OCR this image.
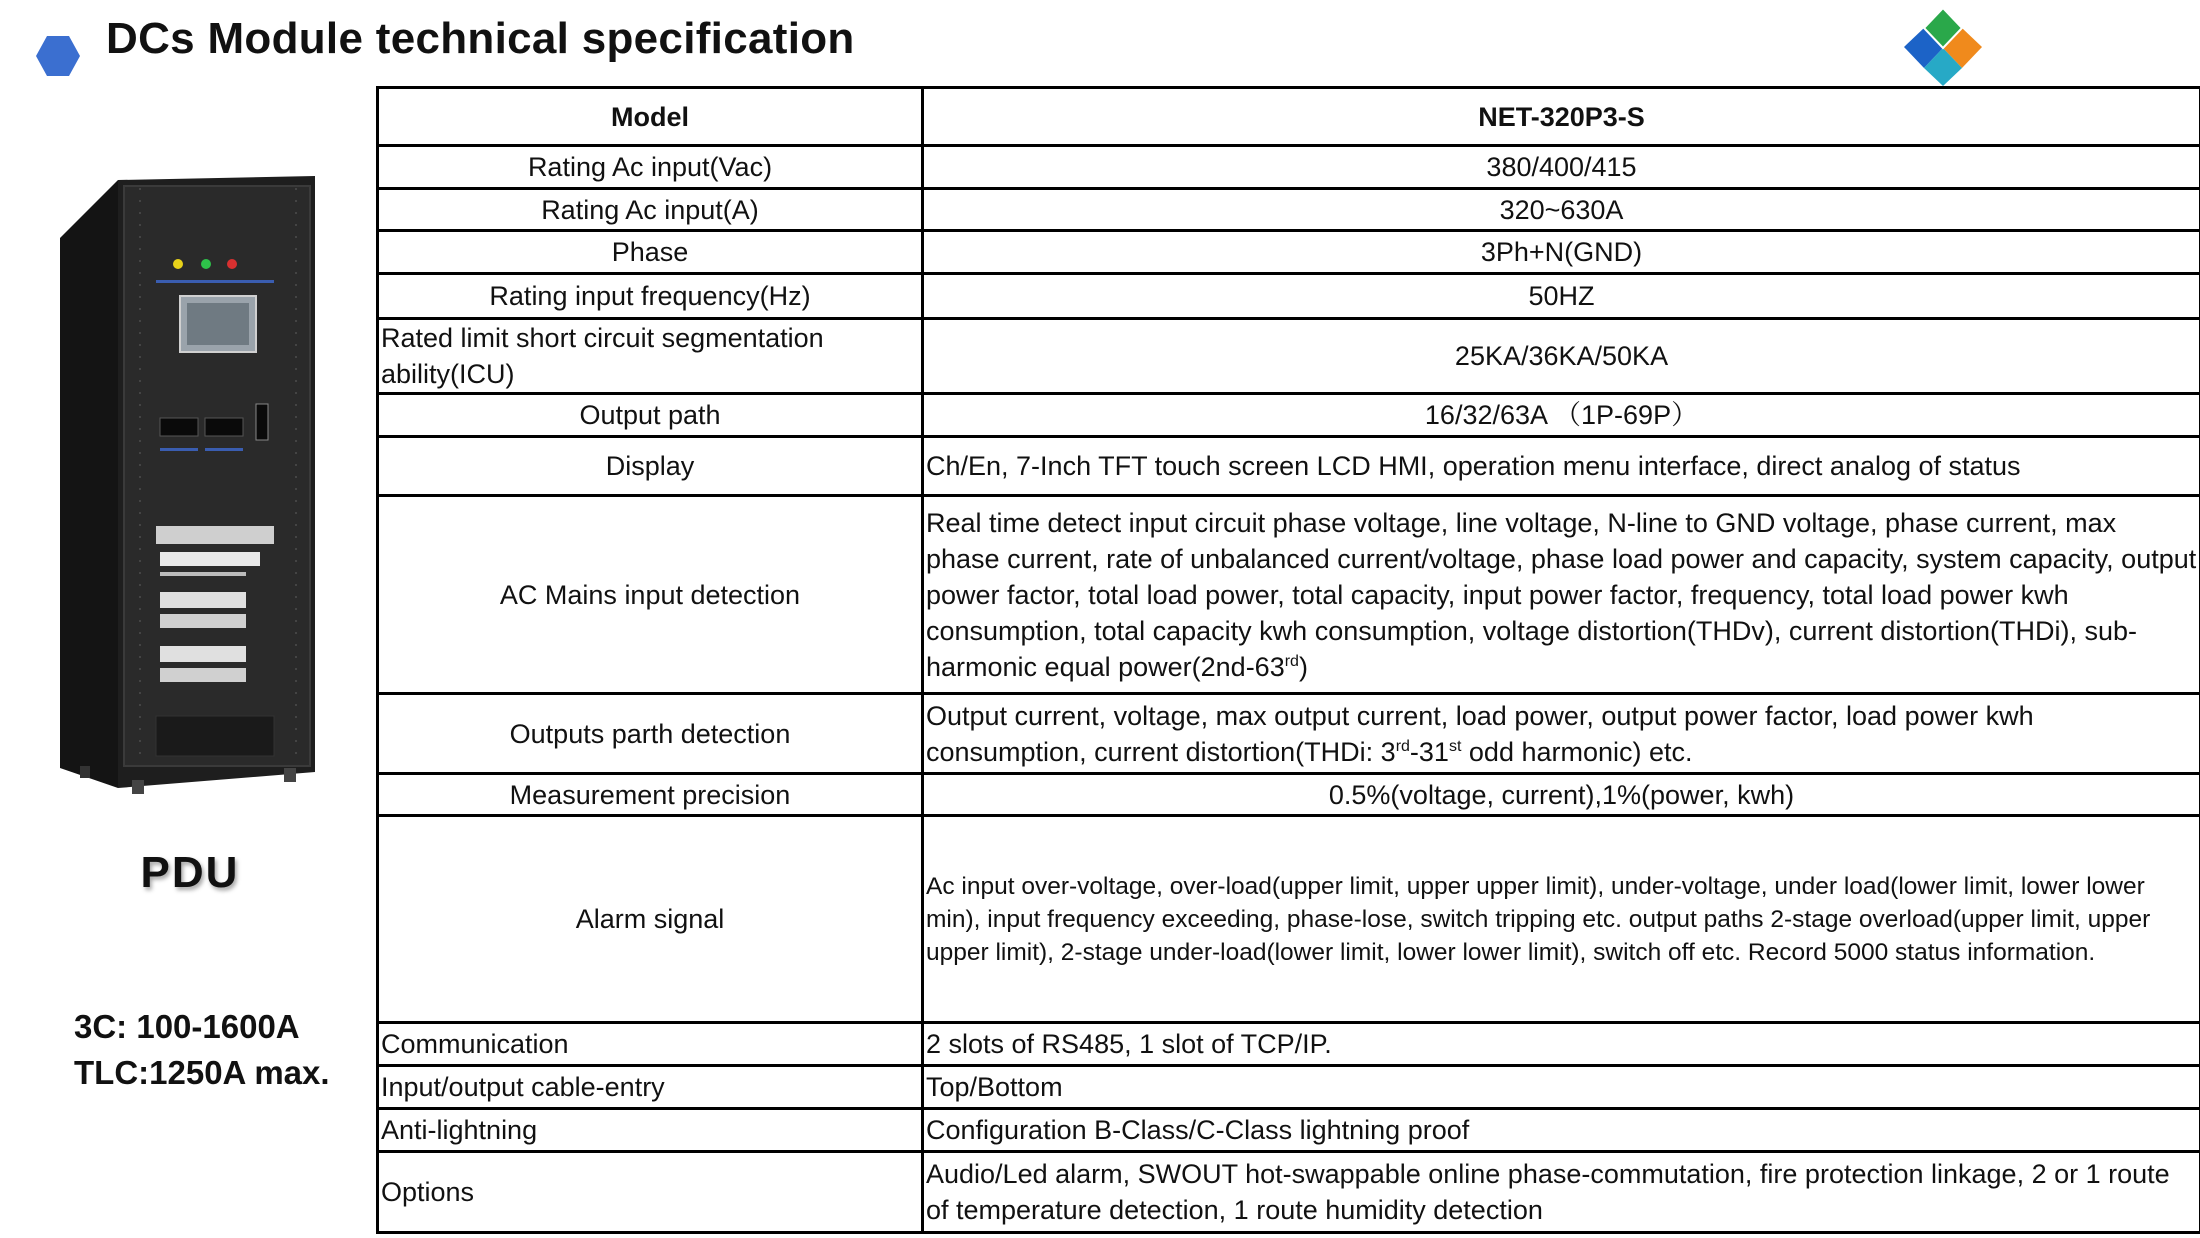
DCs Module technical specification
PDU
3C: 100-1600A
TLC:1250A max.
Model	NET-320P3-S
Rating Ac input(Vac)	380/400/415
Rating Ac input(A)	320~630A
Phase	3Ph+N(GND)
Rating input frequency(Hz)	50HZ
Rated limit short circuit segmentation ability(ICU)	25KA/36KA/50KA
Output path	16/32/63A （1P-69P）
Display	Ch/En, 7-Inch TFT touch screen LCD HMI, operation menu interface, direct analog of status
AC Mains input detection	Real time detect input circuit phase voltage, line voltage, N-line to GND voltage, phase current, max phase current, rate of unbalanced current/voltage, phase load power and capacity, system capacity, output power factor, total load power, total capacity, input power factor, frequency, total load power kwh consumption, total capacity kwh consumption, voltage distortion(THDv), current distortion(THDi), sub-harmonic equal power(2nd-63rd)
Outputs parth detection	Output current, voltage, max output current, load power, output power factor, load power kwh consumption, current distortion(THDi: 3rd-31st odd harmonic) etc.
Measurement precision	0.5%(voltage, current),1%(power, kwh)
Alarm signal	Ac input over-voltage, over-load(upper limit, upper upper limit), under-voltage, under load(lower limit, lower lower min), input frequency exceeding, phase-lose, switch tripping etc. output paths 2-stage overload(upper limit, upper upper limit), 2-stage under-load(lower limit, lower lower limit), switch off etc. Record 5000 status information.
Communication	2 slots of RS485, 1 slot of TCP/IP.
Input/output cable-entry	Top/Bottom
Anti-lightning	Configuration B-Class/C-Class lightning proof
Options	Audio/Led alarm, SWOUT hot-swappable online phase-commutation, fire protection linkage, 2 or 1 route of temperature detection, 1 route humidity detection
